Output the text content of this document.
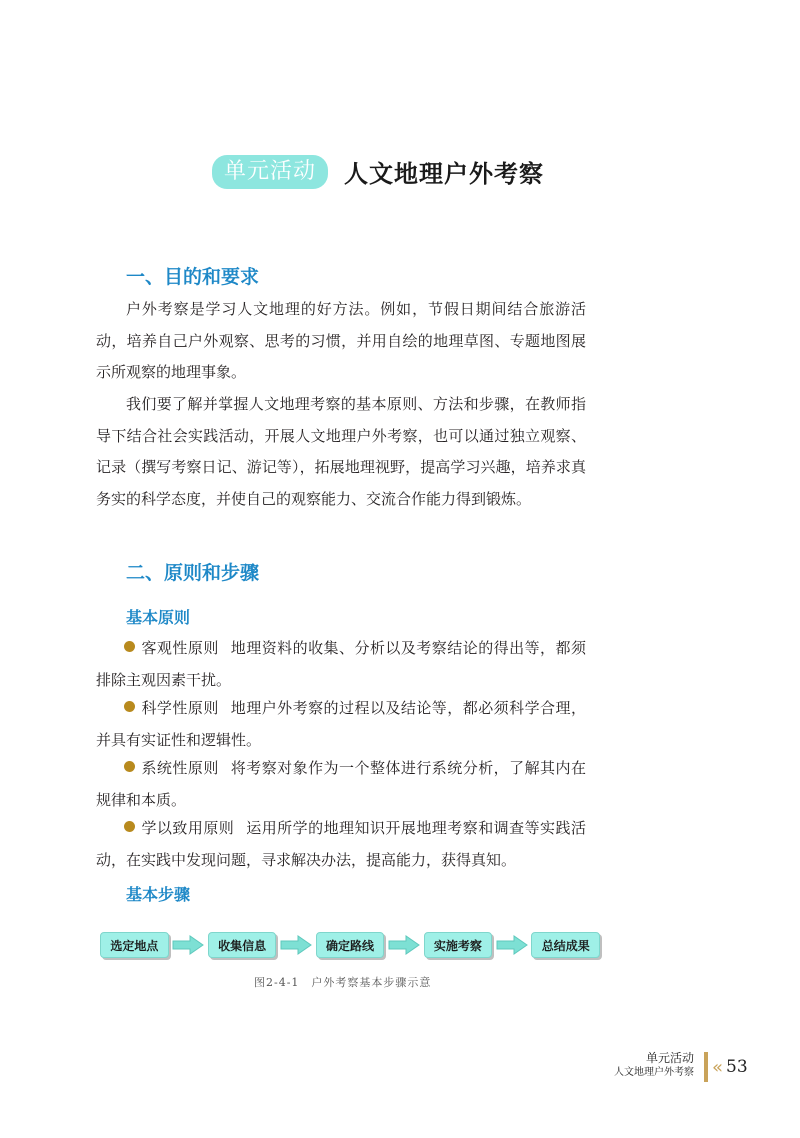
单元活动	人文地理户外考察
一、目的和要求

户外考察是学习人文地理的好方法。例如，节假日期间结合旅游活动，培养自己户外观察、思考的习惯，并用自绘的地理草图、专题地图展示所观察的地理事象。

我们要了解并掌握人文地理考察的基本原则、方法和步骤，在教师指导下结合社会实践活动，开展人文地理户外考察，也可以通过独立观察、记录（撰写考察日记、游记等），拓展地理视野，提高学习兴趣，培养求真务实的科学态度，并使自己的观察能力、交流合作能力得到锻炼。

二、原则和步骤
基本原则

客观性原则 地理资料的收集、分析以及考察结论的得出等，都须排除主观因素干扰。

科学性原则 地理户外考察的过程以及结论等，都必须科学合理，并具有实证性和逻辑性。

系统性原则 将考察对象作为一个整体进行系统分析，了解其内在规律和本质。

学以致用原则 运用所学的地理知识开展地理考察和调查等实践活动，在实践中发现问题，寻求解决办法，提高能力，获得真知。

基本步骤
选定地点	收集信息	确定路线	实施考察	总结成果

图2-4-1　户外考察基本步骤示意

单元活动
人文地理户外考察 « 53
